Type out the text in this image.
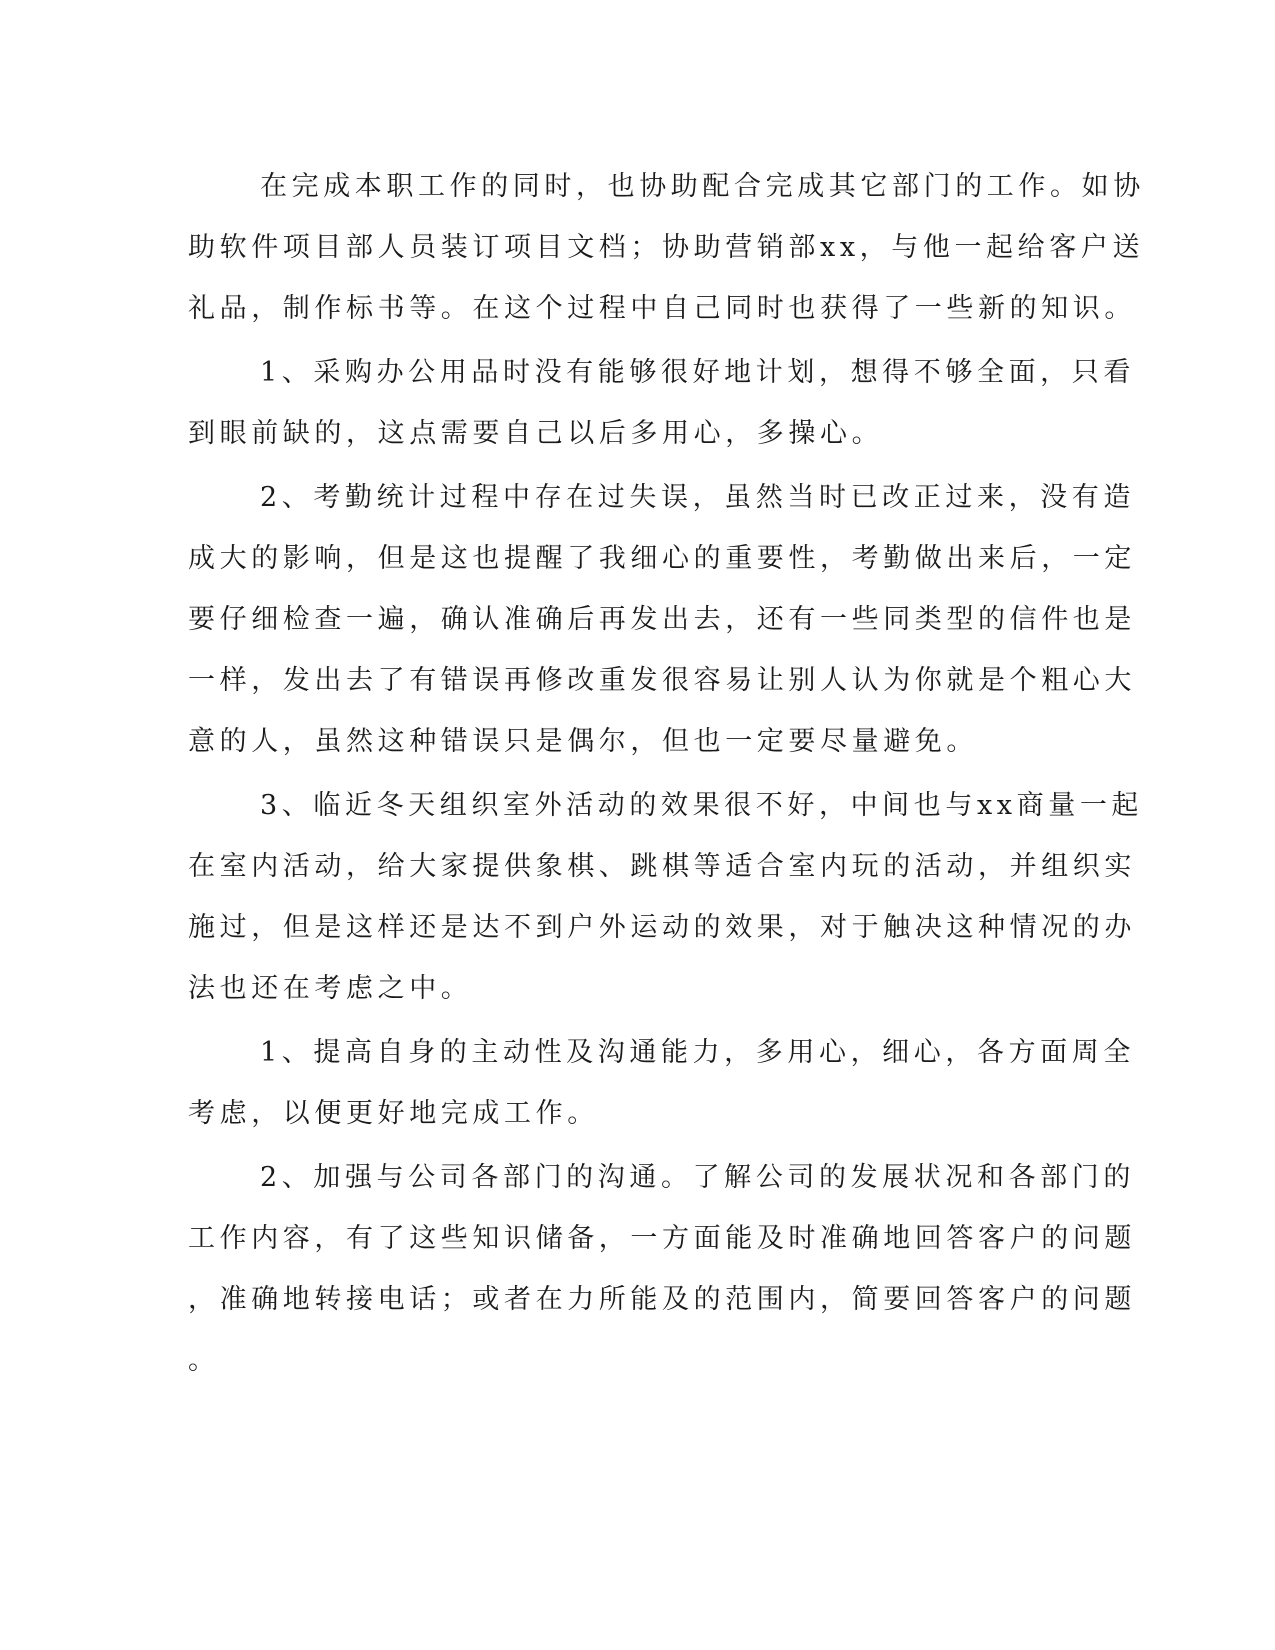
在完成本职工作的同时，也协助配合完成其它部门的工作。如协
助软件项目部人员装订项目文档；协助营销部xx，与他一起给客户送
礼品，制作标书等。在这个过程中自己同时也获得了一些新的知识。

1、采购办公用品时没有能够很好地计划，想得不够全面，只看
到眼前缺的，这点需要自己以后多用心，多操心。

2、考勤统计过程中存在过失误，虽然当时已改正过来，没有造
成大的影响，但是这也提醒了我细心的重要性，考勤做出来后，一定
要仔细检查一遍，确认准确后再发出去，还有一些同类型的信件也是
一样，发出去了有错误再修改重发很容易让别人认为你就是个粗心大
意的人，虽然这种错误只是偶尔，但也一定要尽量避免。

3、临近冬天组织室外活动的效果很不好，中间也与xx商量一起
在室内活动，给大家提供象棋、跳棋等适合室内玩的活动，并组织实
施过，但是这样还是达不到户外运动的效果，对于触决这种情况的办
法也还在考虑之中。

1、提高自身的主动性及沟通能力，多用心，细心，各方面周全
考虑，以便更好地完成工作。

2、加强与公司各部门的沟通。了解公司的发展状况和各部门的
工作内容，有了这些知识储备，一方面能及时准确地回答客户的问题
，准确地转接电话；或者在力所能及的范围内，简要回答客户的问题
。
